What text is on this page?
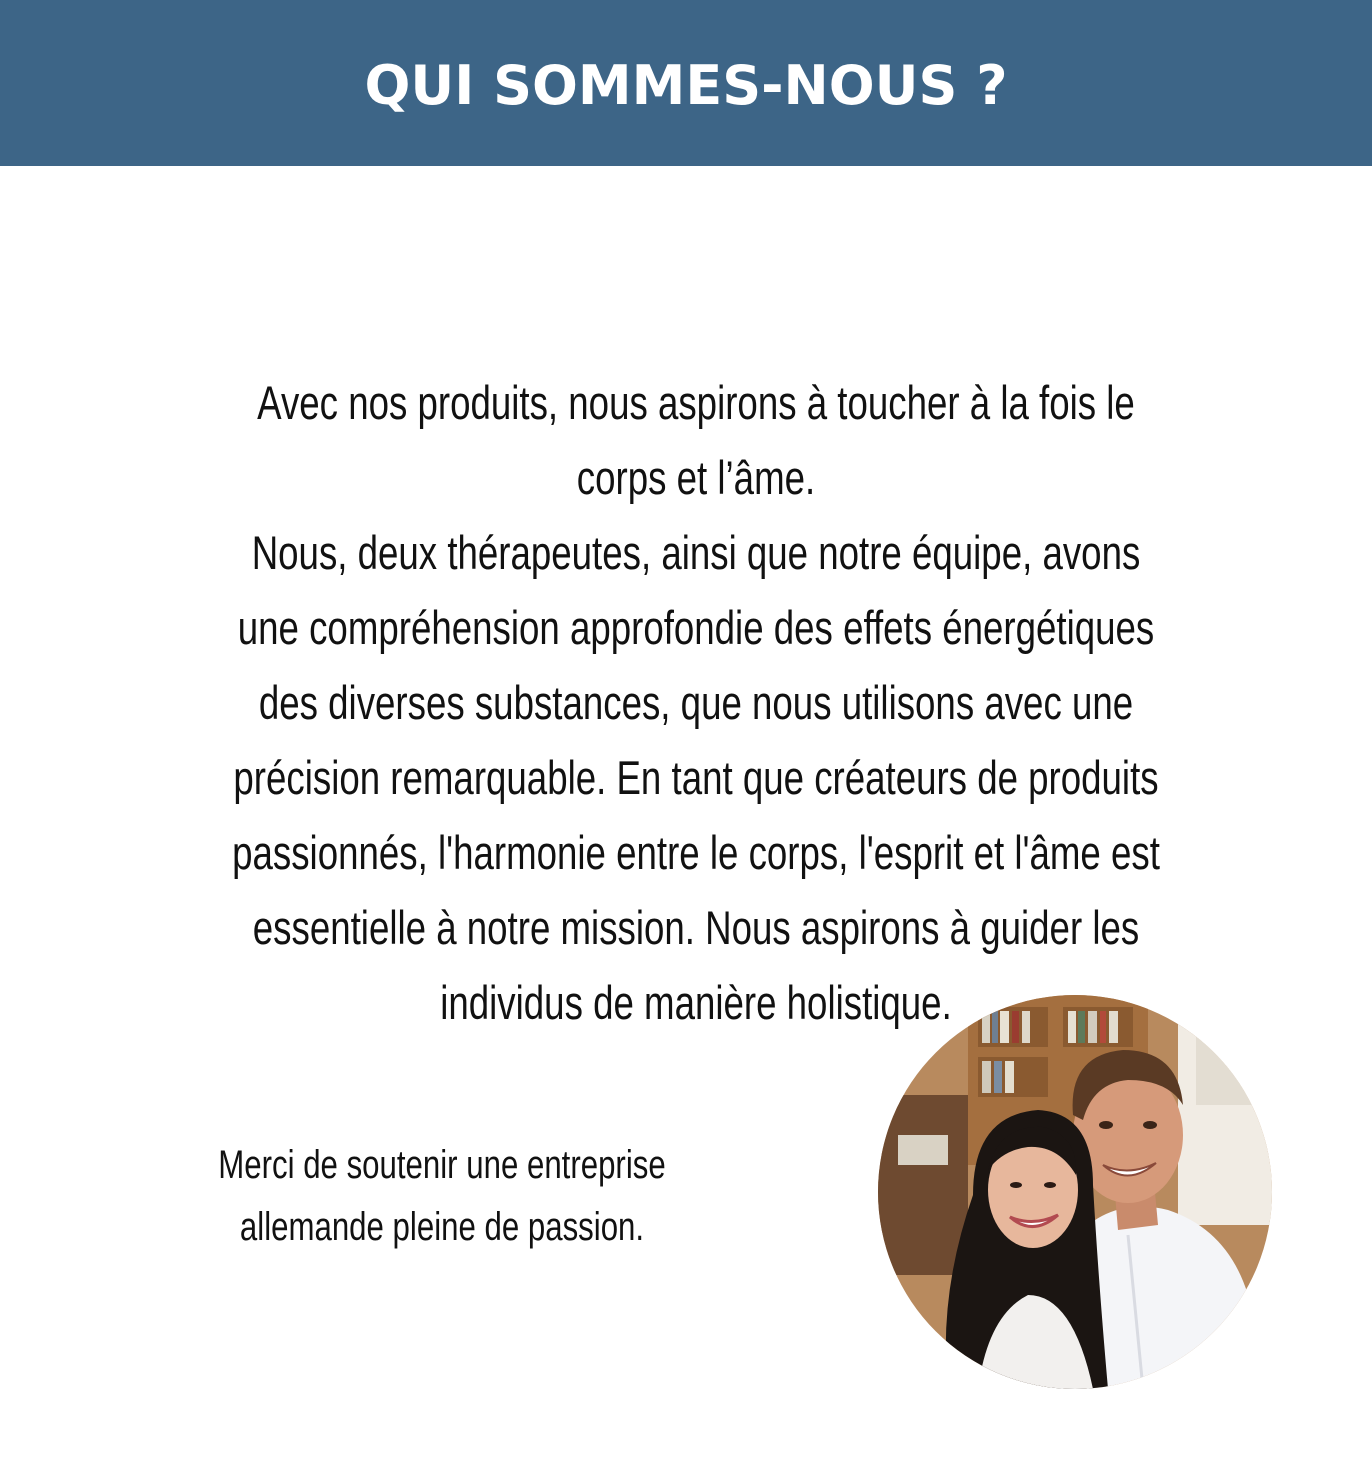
QUI SOMMES-NOUS ?

Avec nos produits, nous aspirons à toucher à la fois le corps et l’âme.

Nous, deux thérapeutes, ainsi que notre équipe, avons une compréhension approfondie des effets énergétiques des diverses substances, que nous utilisons avec une précision remarquable. En tant que créateurs de produits passionnés, l'harmonie entre le corps, l'esprit et l'âme est essentielle à notre mission. Nous aspirons à guider les individus de manière holistique.

Merci de soutenir une entreprise

allemande pleine de passion.
